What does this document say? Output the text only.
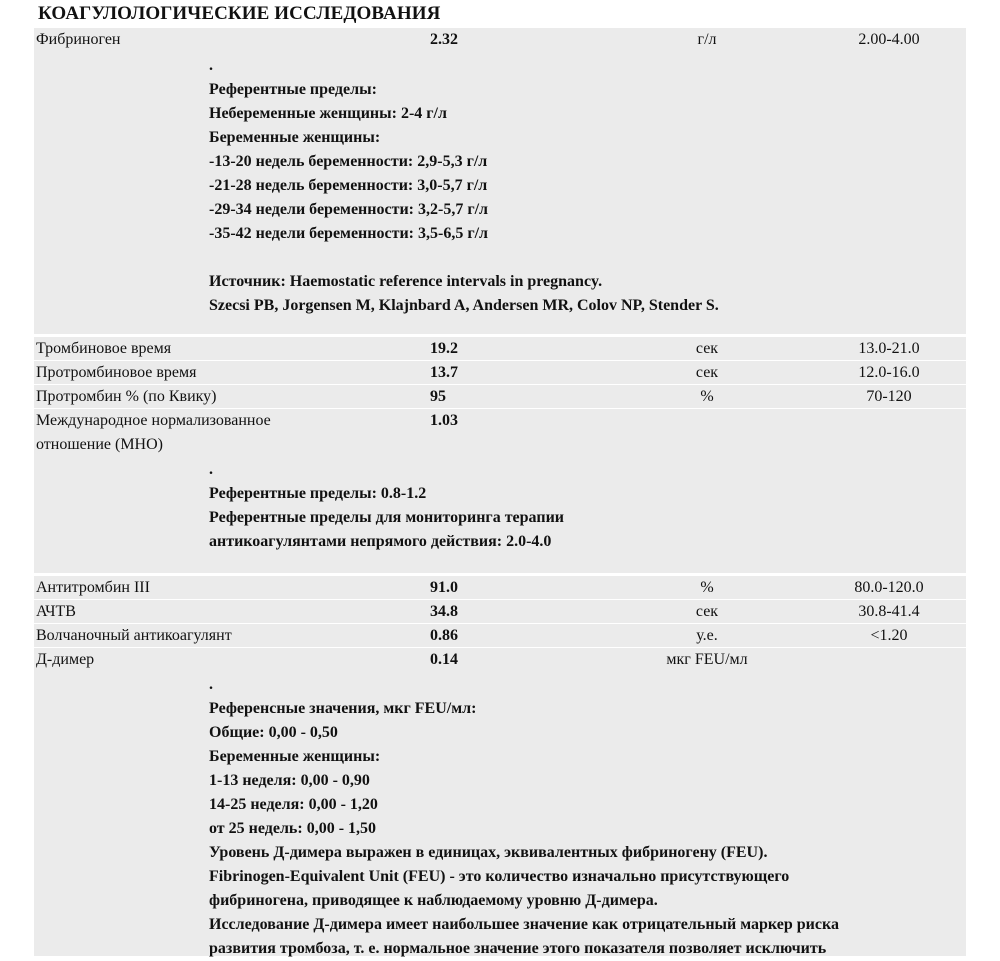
КОАГУЛОЛОГИЧЕСКИЕ ИССЛЕДОВАНИЯ
Фибриноген	2.32	г/л	2.00-4.00
.
Референтные пределы:
Небеременные женщины: 2-4 г/л
Беременные женщины:
-13-20 недель беременности: 2,9-5,3 г/л
-21-28 недель беременности: 3,0-5,7 г/л
-29-34 недели беременности: 3,2-5,7 г/л
-35-42 недели беременности: 3,5-6,5 г/л
Источник: Haemostatic reference intervals in pregnancy.
Szecsi PB, Jorgensen M, Klajnbard A, Andersen MR, Colov NP, Stender S.
Тромбиновое время	19.2	сек	13.0-21.0
Протромбиновое время	13.7	сек	12.0-16.0
Протромбин % (по Квику)	95	%	70-120
Международное нормализованное
отношение (МНО)
1.03
.
Референтные пределы: 0.8-1.2
Референтные пределы для мониторинга терапии
антикоагулянтами непрямого действия: 2.0-4.0
Антитромбин III	91.0	%	80.0-120.0
АЧТВ	34.8	сек	30.8-41.4
Волчаночный антикоагулянт	0.86	у.е.	<1.20
Д-димер	0.14	мкг FEU/мл
.
Референсные значения, мкг FEU/мл:
Общие: 0,00 - 0,50
Беременные женщины:
1-13 неделя: 0,00 - 0,90
14-25 неделя: 0,00 - 1,20
от 25 недель: 0,00 - 1,50
Уровень Д-димера выражен в единицах, эквивалентных фибриногену (FEU).
Fibrinogen-Equivalent Unit (FEU) - это количество изначально присутствующего
фибриногена, приводящее к наблюдаемому уровню Д-димера.
Исследование Д-димера имеет наибольшее значение как отрицательный маркер риска
развития тромбоза, т. е. нормальное значение этого показателя позволяет исключить
